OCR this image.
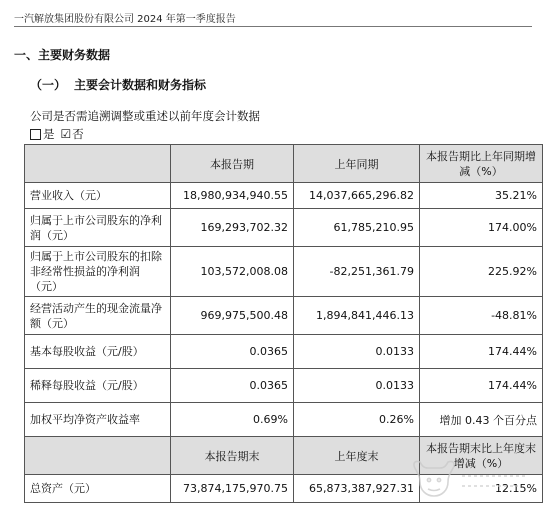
一汽解放集团股份有限公司 2024 年第一季度报告
一、主要财务数据
（一） 主要会计数据和财务指标
公司是否需追溯调整或重述以前年度会计数据
是 ☑ 否
	本报告期	上年同期	本报告期比上年同期增减（%）
营业收入（元）	18,980,934,940.55	14,037,665,296.82	35.21%
归属于上市公司股东的净利润（元）	169,293,702.32	61,785,210.95	174.00%
归属于上市公司股东的扣除非经常性损益的净利润（元）	103,572,008.08	-82,251,361.79	225.92%
经营活动产生的现金流量净额（元）	969,975,500.48	1,894,841,446.13	-48.81%
基本每股收益（元/股）	0.0365	0.0133	174.44%
稀释每股收益（元/股）	0.0365	0.0133	174.44%
加权平均净资产收益率	0.69%	0.26%	增加 0.43 个百分点
	本报告期末	上年度末	本报告期末比上年度末增减（%）
总资产（元）	73,874,175,970.75	65,873,387,927.31	12.15%
